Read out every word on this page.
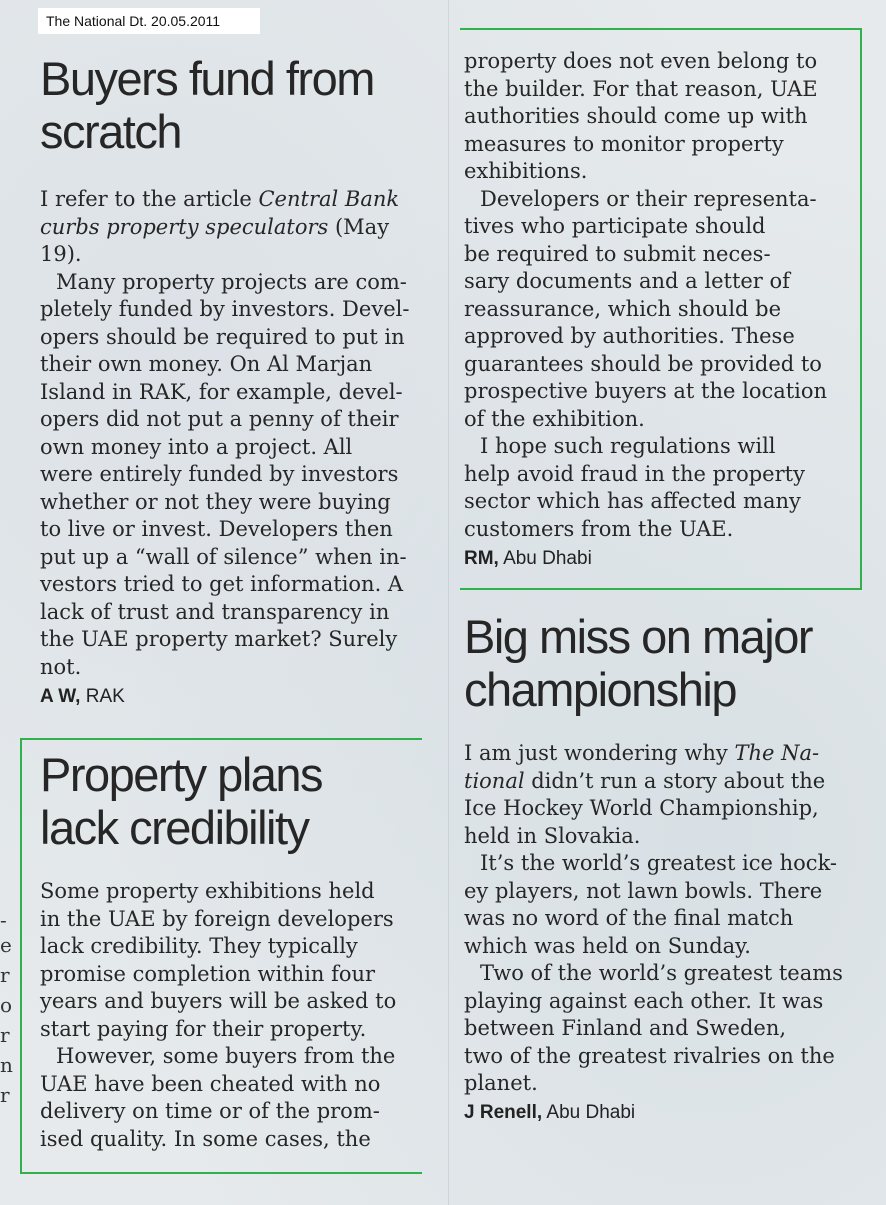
The National Dt. 20.05.2011
-
e
r
o
r
n
r
Buyers fund from
scratch

I refer to the article Central Bank
curbs property speculators (May
19).

Many property projects are com-
pletely funded by investors. Devel-
opers should be required to put in
their own money. On Al Marjan
Island in RAK, for example, devel-
opers did not put a penny of their
own money into a project. All
were entirely funded by investors
whether or not they were buying
to live or invest. Developers then
put up a “wall of silence” when in-
vestors tried to get information. A
lack of trust and transparency in
the UAE property market? Surely
not.

A W, RAK
Property plans
lack credibility

Some property exhibitions held
in the UAE by foreign developers
lack credibility. They typically
promise completion within four
years and buyers will be asked to
start paying for their property.

However, some buyers from the
UAE have been cheated with no
delivery on time or of the prom-
ised quality. In some cases, the

property does not even belong to
the builder. For that reason, UAE
authorities should come up with
measures to monitor property
exhibitions.

Developers or their representa-
tives who participate should
be required to submit neces-
sary documents and a letter of
reassurance, which should be
approved by authorities. These
guarantees should be provided to
prospective buyers at the location
of the exhibition.

I hope such regulations will
help avoid fraud in the property
sector which has affected many
customers from the UAE.

RM, Abu Dhabi
Big miss on major
championship

I am just wondering why The Na-
tional didn’t run a story about the
Ice Hockey World Championship,
held in Slovakia.

It’s the world’s greatest ice hock-
ey players, not lawn bowls. There
was no word of the final match
which was held on Sunday.

Two of the world’s greatest teams
playing against each other. It was
between Finland and Sweden,
two of the greatest rivalries on the
planet.

J Renell, Abu Dhabi
